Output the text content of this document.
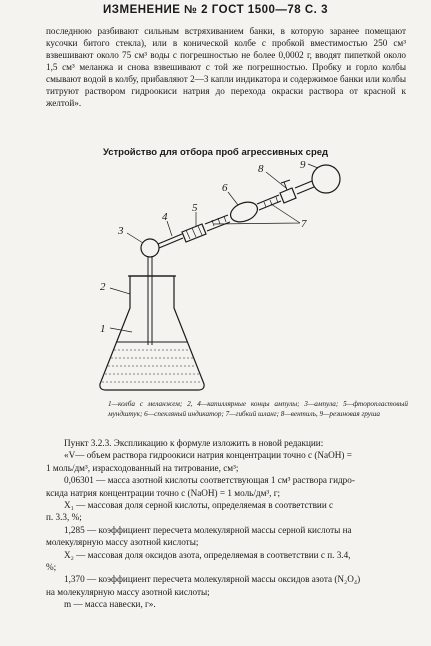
ИЗМЕНЕНИЕ № 2 ГОСТ 1500—78 С. 3
последнюю разбивают сильным встряхиванием банки, в которую заранее помещают кусочки битого стекла), или в конической колбе с пробкой вместимостью 250 см³ взвешивают около 75 см³ воды с погрешностью не более 0,0002 г, вводят пипеткой около 1,5 см³ меланжа и снова взвешивают с той же погрешностью. Пробку и горло колбы смывают водой в колбу, прибавляют 2—3 капли индикатора и содержимое банки или колбы титруют раствором гидроокиси натрия до перехода окраски раствора от красной к желтой».
Устройство для отбора проб агрессивных сред
1
2
3
4
5
6
7
8	9
1—колба с меланжем; 2, 4—капиллярные концы ампулы; 3—ампула; 5—фторопластовый мундштук; 6—спекляный индикатор; 7—гибкий шланг; 8—вентиль, 9—резиновая груша
Пункт 3.2.3. Экспликацию к формуле изложить в новой редакции:
«V— объем раствора гидроокиси натрия концентрации точно с (NaOH) =
1 моль/дм³, израсходованный на титрование, см³;
0,06301 — масса азотной кислоты соответствующая 1 см³ раствора гидро-
ксида натрия концентрации точно с (NaOH) = 1 моль/дм³, г;
X₁ — массовая доля серной кислоты, определяемая в соответствии с
п. 3.3, %;
1,285 — коэффициент пересчета молекулярной массы серной кислоты на
молекулярную массу азотной кислоты;
X₂ — массовая доля оксидов азота, определяемая в соответствии с п. 3.4,
%;
1,370 — коэффициент пересчета молекулярной массы оксидов азота (N₂O₄)
на молекулярную массу азотной кислоты;
m — масса навески, г».
